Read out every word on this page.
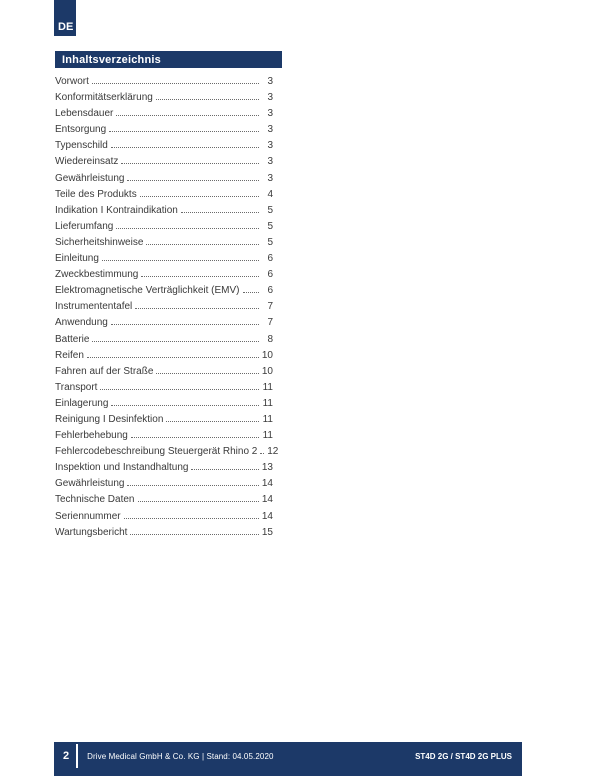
DE
Inhaltsverzeichnis
Vorwort	3
Konformitätserklärung	3
Lebensdauer	3
Entsorgung	3
Typenschild	3
Wiedereinsatz	3
Gewährleistung	3
Teile des Produkts	4
Indikation I Kontraindikation	5
Lieferumfang	5
Sicherheitshinweise	5
Einleitung	6
Zweckbestimmung	6
Elektromagnetische Verträglichkeit (EMV)	6
Instrumententafel	7
Anwendung	7
Batterie	8
Reifen	10
Fahren auf der Straße	10
Transport	11
Einlagerung	11
Reinigung I Desinfektion	11
Fehlerbehebung	11
Fehlercodebeschreibung Steuergerät Rhino 2 12
Inspektion und Instandhaltung	13
Gewährleistung	14
Technische Daten	14
Seriennummer	14
Wartungsbericht	15
2 Drive Medical GmbH & Co. KG | Stand: 04.05.2020	ST4D 2G / ST4D 2G PLUS
